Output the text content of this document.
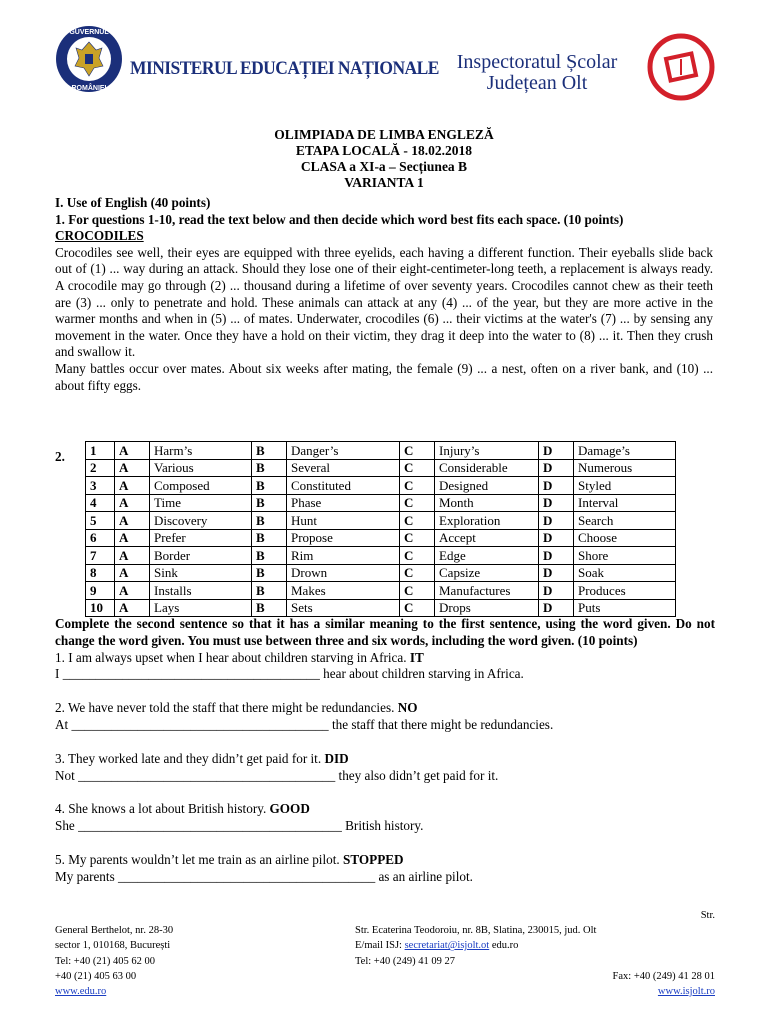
GUVERNUL
ROMÂNIEI
MINISTERUL EDUCAȚIEI NAȚIONALE Inspectoratul Școlar
Județean Olt
OLIMPIADA DE LIMBA ENGLEZĂ
ETAPA LOCALĂ - 18.02.2018
CLASA a XI-a – Secțiunea B
VARIANTA 1
I. Use of English (40 points)
1. For questions 1-10, read the text below and then decide which word best fits each space. (10 points)
CROCODILES
Crocodiles see well, their eyes are equipped with three eyelids, each having a different function. Their eyeballs slide back out of (1) ... way during an attack. Should they lose one of their eight-centimeter-long teeth, a replacement is always ready. A crocodile may go through (2) ... thousand during a lifetime of over seventy years. Crocodiles cannot chew as their teeth are (3) ... only to penetrate and hold. These animals can attack at any (4) ... of the year, but they are more active in the warmer months and when in (5) ... of mates. Underwater, crocodiles (6) ... their victims at the water's (7) ... by sensing any movement in the water. Once they have a hold on their victim, they drag it deep into the water to (8) ... it. Then they crush and swallow it.
Many battles occur over mates. About six weeks after mating, the female (9) ... a nest, often on a river bank, and (10) ... about fifty eggs.
2. 1	A	Harm’s	B	Danger’s	C	Injury’s	D	Damage’s
2	A	Various	B	Several	C	Considerable	D	Numerous
3	A	Composed	B	Constituted	C	Designed	D	Styled
4	A	Time	B	Phase	C	Month	D	Interval
5	A	Discovery	B	Hunt	C	Exploration	D	Search
6	A	Prefer	B	Propose	C	Accept	D	Choose
7	A	Border	B	Rim	C	Edge	D	Shore
8	A	Sink	B	Drown	C	Capsize	D	Soak
9	A	Installs	B	Makes	C	Manufactures	D	Produces
10	A	Lays	B	Sets	C	Drops	D	Puts
Complete the second sentence so that it has a similar meaning to the first sentence, using the word given. Do not change the word given. You must use between three and six words, including the word given. (10 points)
1. I am always upset when I hear about children starving in Africa. IT
I _______________________________________ hear about children starving in Africa.
2. We have never told the staff that there might be redundancies. NO
At _______________________________________ the staff that there might be redundancies.
3. They worked late and they didn’t get paid for it. DID
Not _______________________________________ they also didn’t get paid for it.
4. She knows a lot about British history. GOOD
She ________________________________________ British history.
5. My parents wouldn’t let me train as an airline pilot. STOPPED
My parents _______________________________________ as an airline pilot.
Str.
General Berthelot, nr. 28-30	Str. Ecaterina Teodoroiu, nr. 8B, Slatina, 230015, jud. Olt
sector 1, 010168, București	E/mail ISJ: secretariat@isjolt.ot edu.ro
Tel: +40 (21) 405 62 00	Tel: +40 (249) 41 09 27
+40 (21) 405 63 00	Fax: +40 (249) 41 28 01
www.edu.ro	www.isjolt.ro
